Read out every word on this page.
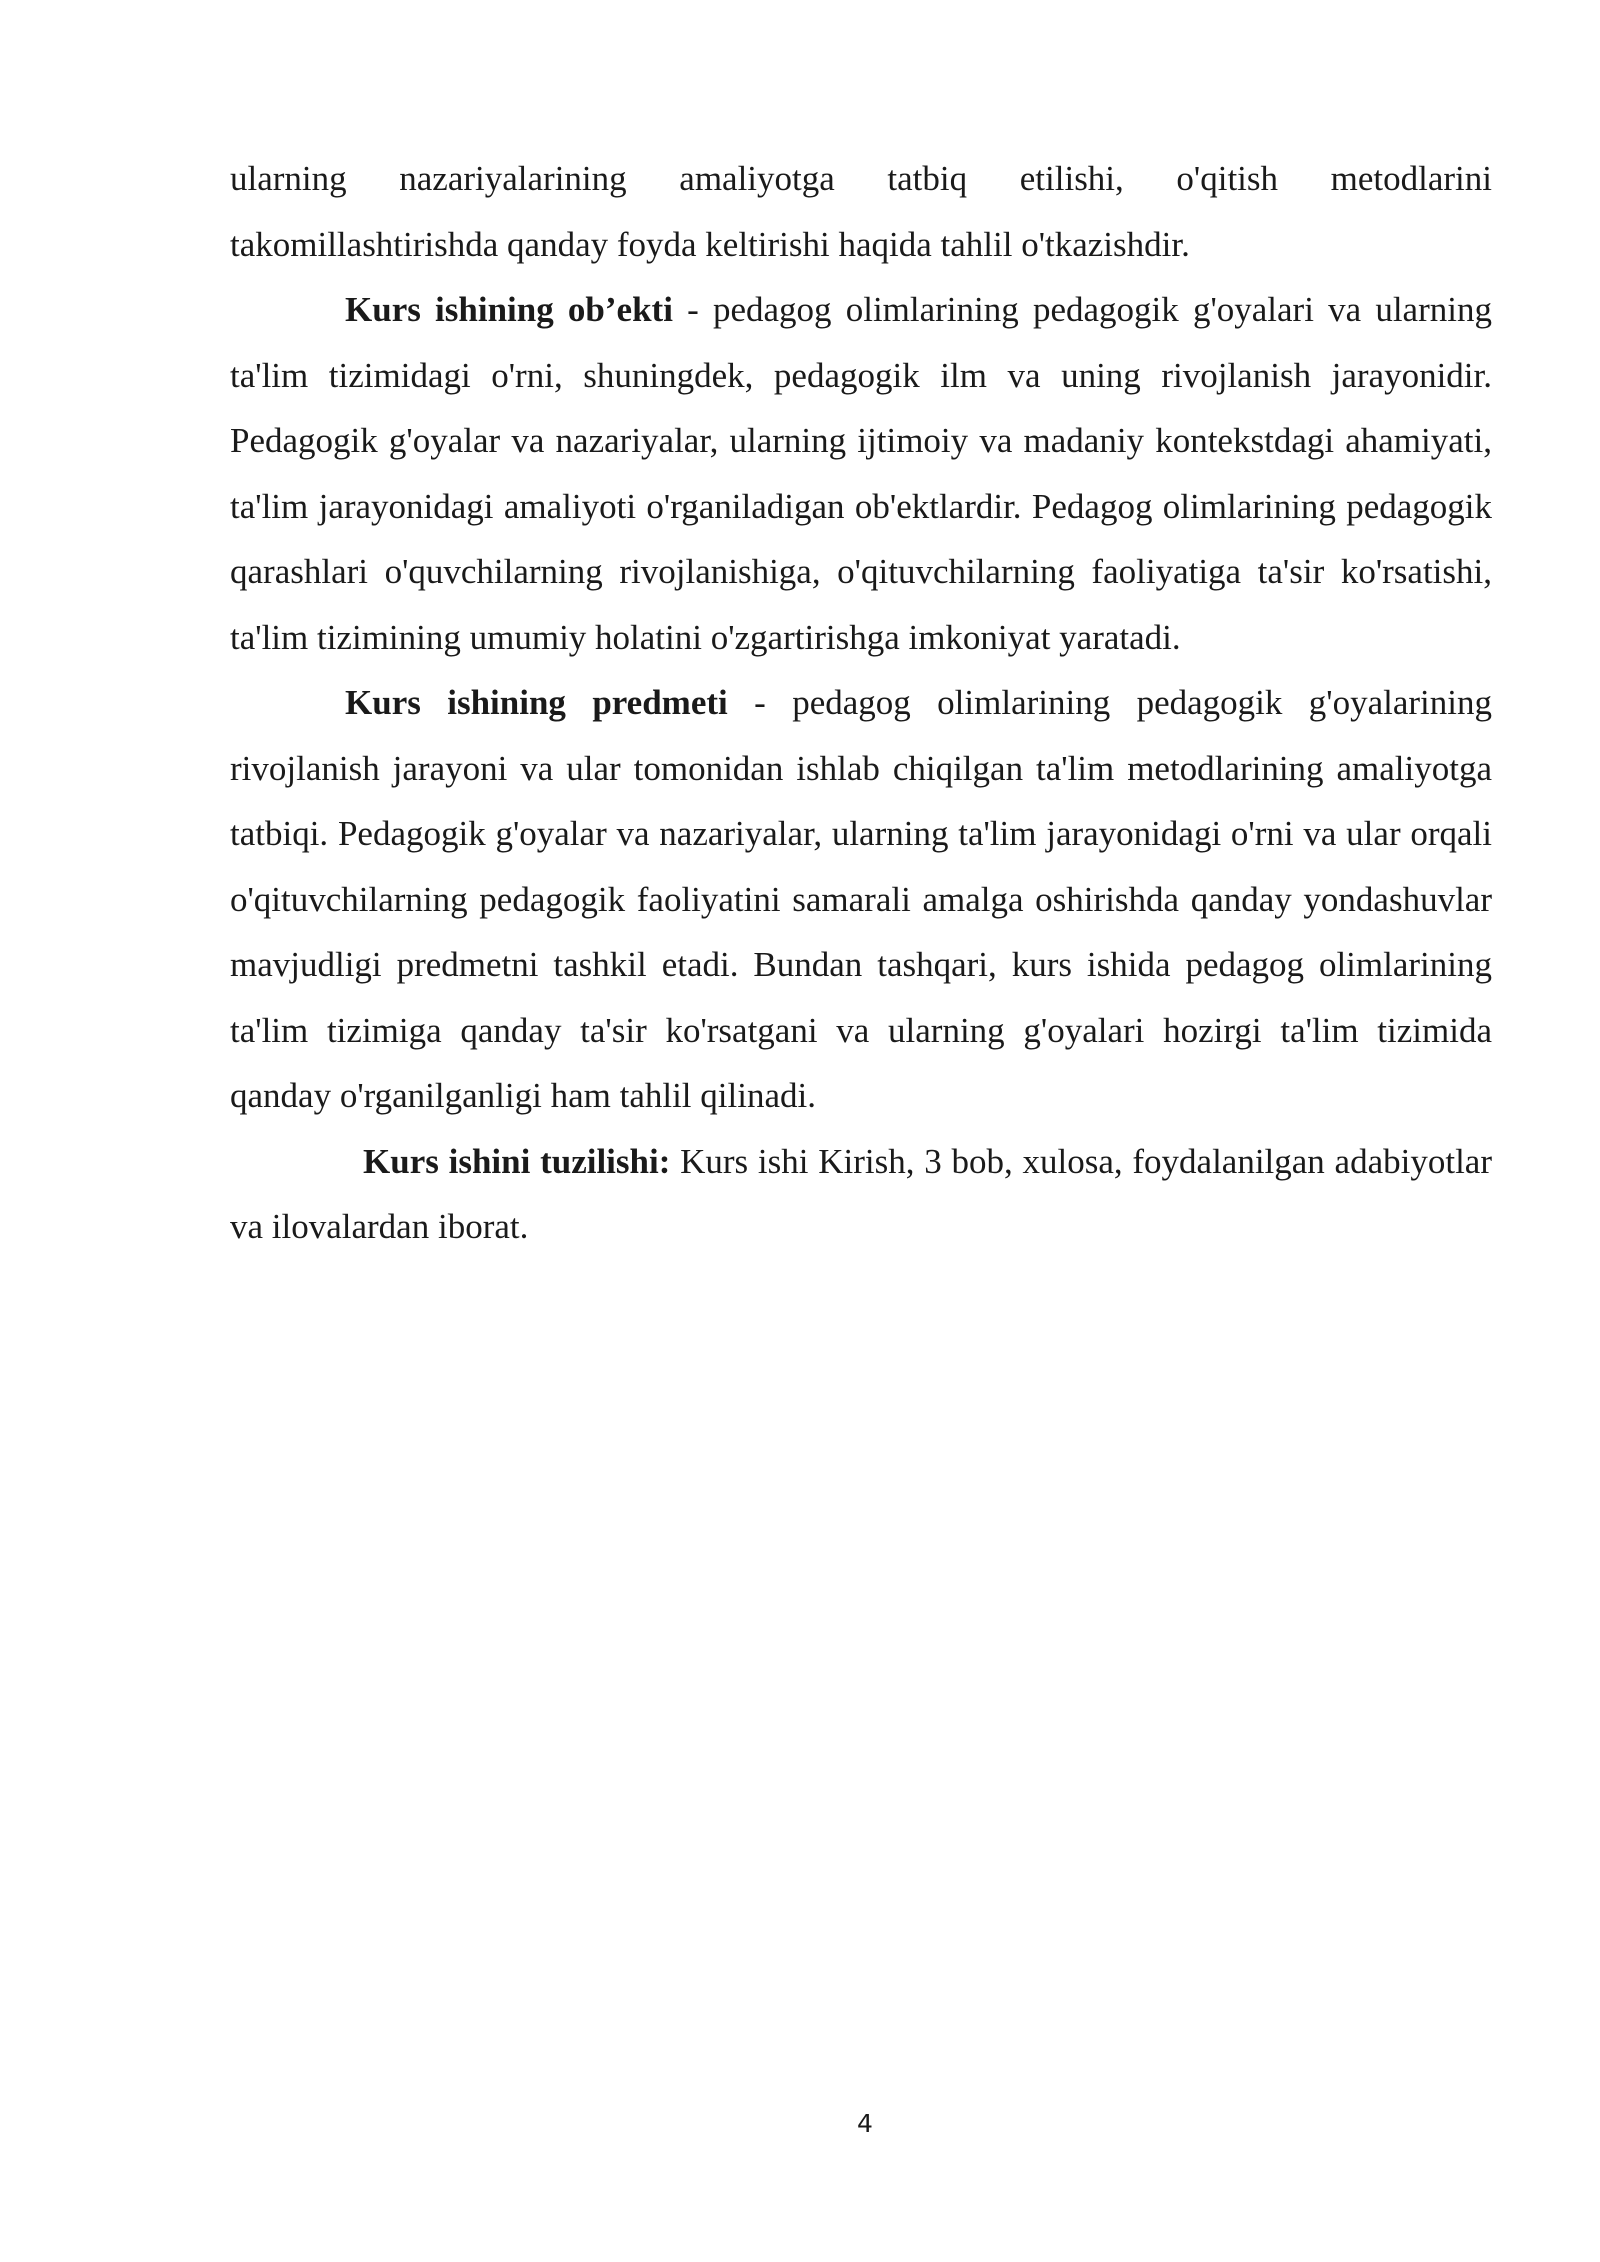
ularning nazariyalarining amaliyotga tatbiq etilishi, o'qitish metodlarini takomillashtirishda qanday foyda keltirishi haqida tahlil o'tkazishdir.

Kurs ishining ob’ekti - pedagog olimlarining pedagogik g'oyalari va ularning ta'lim tizimidagi o'rni, shuningdek, pedagogik ilm va uning rivojlanish jarayonidir. Pedagogik g'oyalar va nazariyalar, ularning ijtimoiy va madaniy kontekstdagi ahamiyati, ta'lim jarayonidagi amaliyoti o'rganiladigan ob'ektlardir. Pedagog olimlarining pedagogik qarashlari o'quvchilarning rivojlanishiga, o'qituvchilarning faoliyatiga ta'sir ko'rsatishi, ta'lim tizimining umumiy holatini o'zgartirishga imkoniyat yaratadi.

Kurs ishining predmeti - pedagog olimlarining pedagogik g'oyalarining rivojlanish jarayoni va ular tomonidan ishlab chiqilgan ta'lim metodlarining amaliyotga tatbiqi. Pedagogik g'oyalar va nazariyalar, ularning ta'lim jarayonidagi o'rni va ular orqali o'qituvchilarning pedagogik faoliyatini samarali amalga oshirishda qanday yondashuvlar mavjudligi predmetni tashkil etadi. Bundan tashqari, kurs ishida pedagog olimlarining ta'lim tizimiga qanday ta'sir ko'rsatgani va ularning g'oyalari hozirgi ta'lim tizimida qanday o'rganilganligi ham tahlil qilinadi.

Kurs ishini tuzilishi: Kurs ishi Kirish, 3 bob, xulosa, foydalanilgan adabiyotlar va ilovalardan iborat.

4
